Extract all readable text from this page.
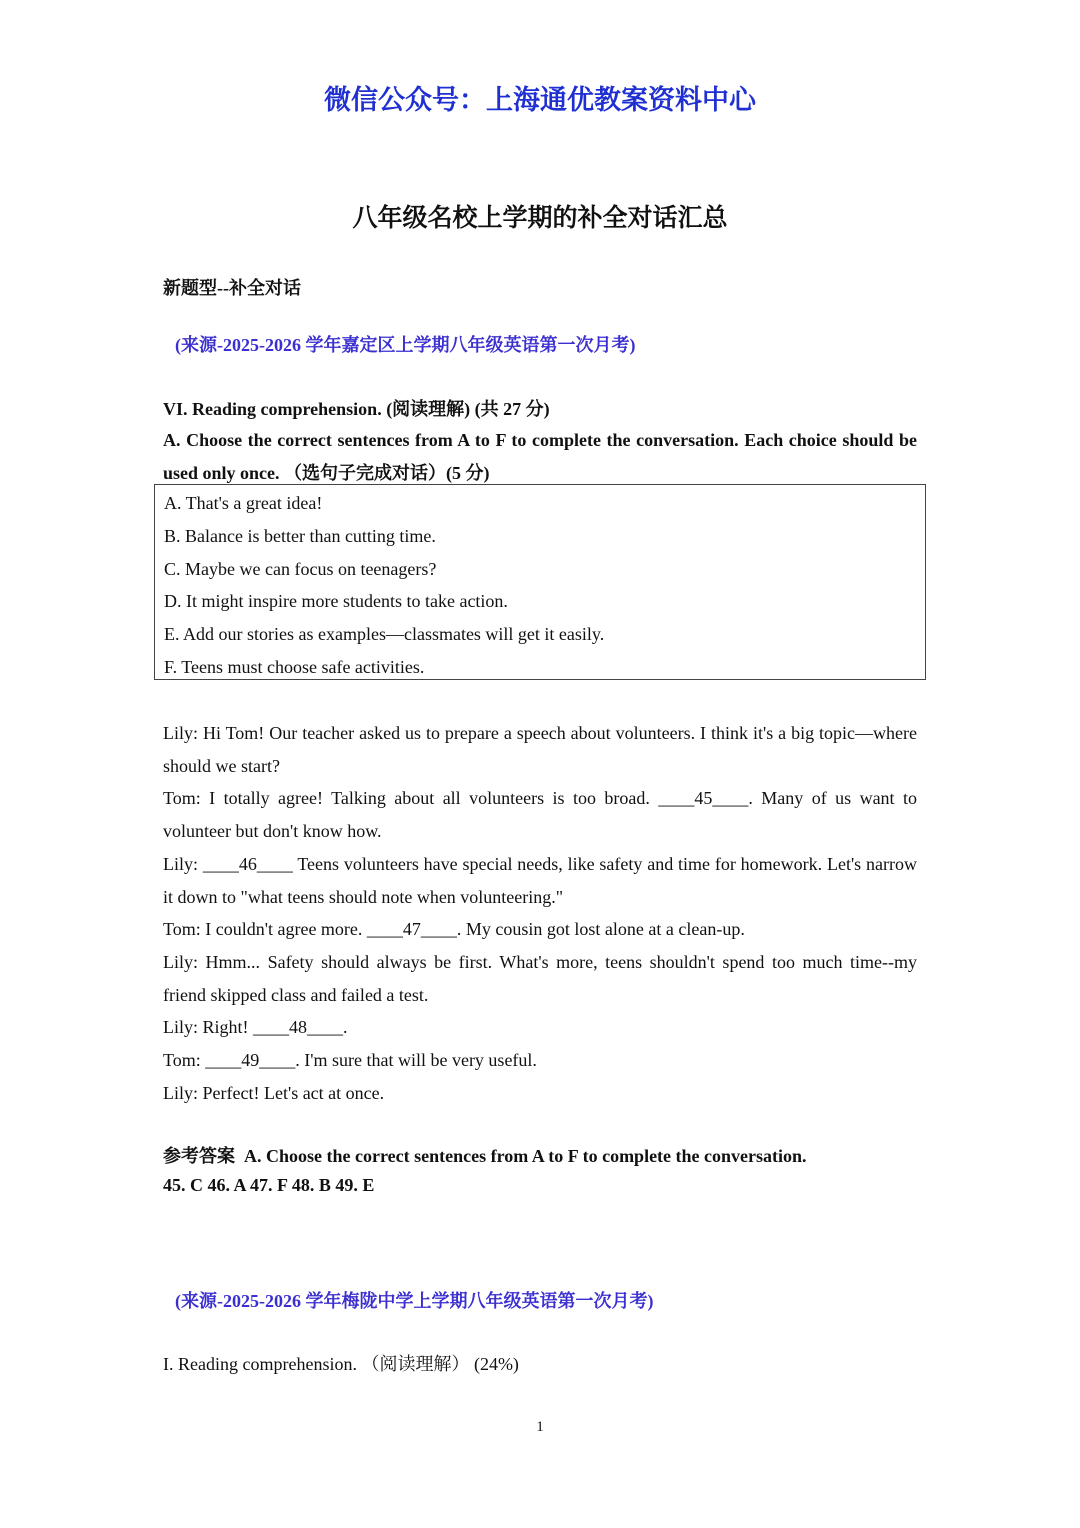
微信公众号：上海通优教案资料中心
八年级名校上学期的补全对话汇总
新题型--补全对话
(来源-2025-2026 学年嘉定区上学期八年级英语第一次月考)
VI. Reading comprehension. (阅读理解) (共 27 分)
A. Choose the correct sentences from A to F to complete the conversation. Each choice should be used only once. （选句子完成对话）(5 分)
A. That's a great idea!
B. Balance is better than cutting time.
C. Maybe we can focus on teenagers?
D. It might inspire more students to take action.
E. Add our stories as examples—classmates will get it easily.
F. Teens must choose safe activities.

Lily: Hi Tom! Our teacher asked us to prepare a speech about volunteers. I think it's a big topic—where should we start?

Tom: I totally agree! Talking about all volunteers is too broad. ____45____. Many of us want to volunteer but don't know how.

Lily: ____46____ Teens volunteers have special needs, like safety and time for homework. Let's narrow it down to "what teens should note when volunteering."

Tom: I couldn't agree more. ____47____. My cousin got lost alone at a clean-up.

Lily: Hmm... Safety should always be first. What's more, teens shouldn't spend too much time--my friend skipped class and failed a test.

Lily: Right! ____48____.

Tom: ____49____. I'm sure that will be very useful.

Lily: Perfect! Let's act at once.

参考答案 A. Choose the correct sentences from A to F to complete the conversation.
45. C 46. A 47. F 48. B 49. E
(来源-2025-2026 学年梅陇中学上学期八年级英语第一次月考)
I. Reading comprehension. （阅读理解） (24%)
1
